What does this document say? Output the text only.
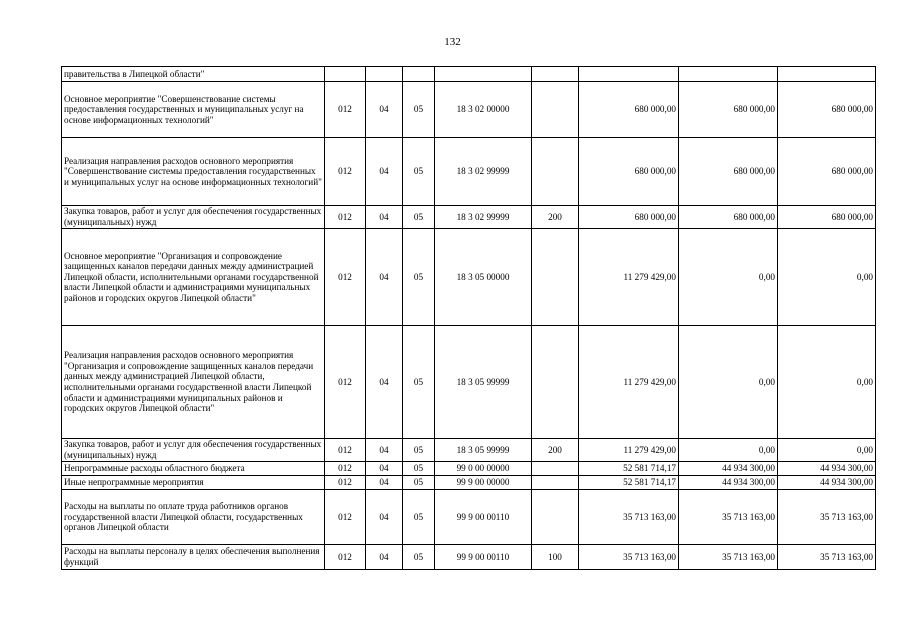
132
правительства в Липецкой области"								
Основное мероприятие "Совершенствование системы предоставления государственных и муниципальных услуг на основе информационных технологий"	012	04	05	18 3 02 00000		680 000,00	680 000,00	680 000,00
Реализация направления расходов основного мероприятия "Совершенствование системы предоставления государственных и муниципальных услуг на основе информационных технологий"	012	04	05	18 3 02 99999		680 000,00	680 000,00	680 000,00
Закупка товаров, работ и услуг для обеспечения государственных (муниципальных) нужд	012	04	05	18 3 02 99999	200	680 000,00	680 000,00	680 000,00
Основное мероприятие "Организация и сопровождение защищенных каналов передачи данных между администрацией Липецкой области, исполнительными органами государственной власти Липецкой области и администрациями муниципальных районов и городских округов Липецкой области"	012	04	05	18 3 05 00000		11 279 429,00	0,00	0,00
Реализация направления расходов основного мероприятия "Организация и сопровождение защищенных каналов передачи данных между администрацией Липецкой области, исполнительными органами государственной власти Липецкой области и администрациями муниципальных районов и городских округов Липецкой области"	012	04	05	18 3 05 99999		11 279 429,00	0,00	0,00
Закупка товаров, работ и услуг для обеспечения государственных (муниципальных) нужд	012	04	05	18 3 05 99999	200	11 279 429,00	0,00	0,00
Непрограммные расходы областного бюджета	012	04	05	99 0 00 00000		52 581 714,17	44 934 300,00	44 934 300,00
Иные непрограммные мероприятия	012	04	05	99 9 00 00000		52 581 714,17	44 934 300,00	44 934 300,00
Расходы на выплаты по оплате труда работников органов государственной власти Липецкой области, государственных органов Липецкой области	012	04	05	99 9 00 00110		35 713 163,00	35 713 163,00	35 713 163,00
Расходы на выплаты персоналу в целях обеспечения выполнения функций	012	04	05	99 9 00 00110	100	35 713 163,00	35 713 163,00	35 713 163,00
